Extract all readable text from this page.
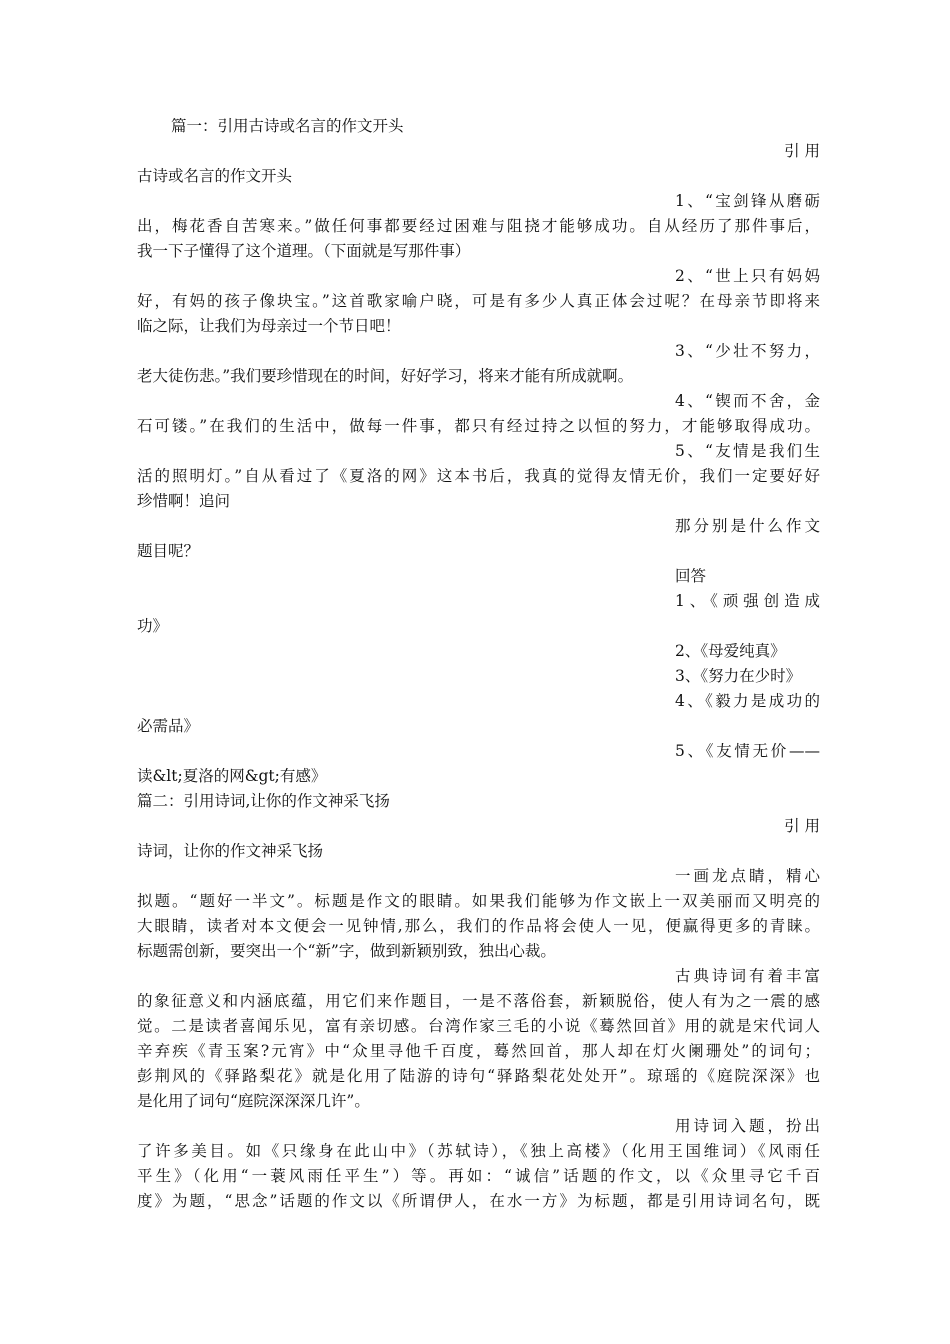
篇一：引用古诗或名言的作文开头
引 用
古诗或名言的作文开头
1、“宝剑锋从磨砺
出，梅花香自苦寒来。”做任何事都要经过困难与阻挠才能够成功。自从经历了那件事后，
我一下子懂得了这个道理。（下面就是写那件事）
2、“世上只有妈妈
好，有妈的孩子像块宝。”这首歌家喻户晓，可是有多少人真正体会过呢？在母亲节即将来
临之际，让我们为母亲过一个节日吧！
3、“少壮不努力，
老大徒伤悲。”我们要珍惜现在的时间，好好学习，将来才能有所成就啊。
4、“锲而不舍，金
石可镂。”在我们的生活中，做每一件事，都只有经过持之以恒的努力，才能够取得成功。
5、“友情是我们生
活的照明灯。”自从看过了《夏洛的网》这本书后，我真的觉得友情无价，我们一定要好好
珍惜啊！追问
那分别是什么作文
题目呢？
回答
1、《顽强创造成
功》
2、《母爱纯真》
3、《努力在少时》
4、《毅力是成功的
必需品》
5、《友情无价——
读&lt;夏洛的网&gt;有感》
篇二：引用诗词,让你的作文神采飞扬
引 用
诗词，让你的作文神采飞扬
一画龙点睛，精心
拟题。“题好一半文”。标题是作文的眼睛。如果我们能够为作文嵌上一双美丽而又明亮的
大眼睛，读者对本文便会一见钟情,那么，我们的作品将会使人一见，便赢得更多的青睐。
标题需创新，要突出一个“新”字，做到新颖别致，独出心裁。
古典诗词有着丰富
的象征意义和内涵底蕴，用它们来作题目，一是不落俗套，新颖脱俗，使人有为之一震的感
觉。二是读者喜闻乐见，富有亲切感。台湾作家三毛的小说《蓦然回首》用的就是宋代词人
辛弃疾《青玉案?元宵》中“众里寻他千百度，蓦然回首，那人却在灯火阑珊处”的词句；
彭荆风的《驿路梨花》就是化用了陆游的诗句“驿路梨花处处开”。琼瑶的《庭院深深》也
是化用了词句“庭院深深深几许”。
用诗词入题，扮出
了许多美目。如《只缘身在此山中》（苏轼诗），《独上高楼》（化用王国维词）《风雨任
平生》（化用“一蓑风雨任平生”）等。再如：“诚信”话题的作文，以《众里寻它千百
度》为题，“思念”话题的作文以《所谓伊人，在水一方》为标题，都是引用诗词名句，既
